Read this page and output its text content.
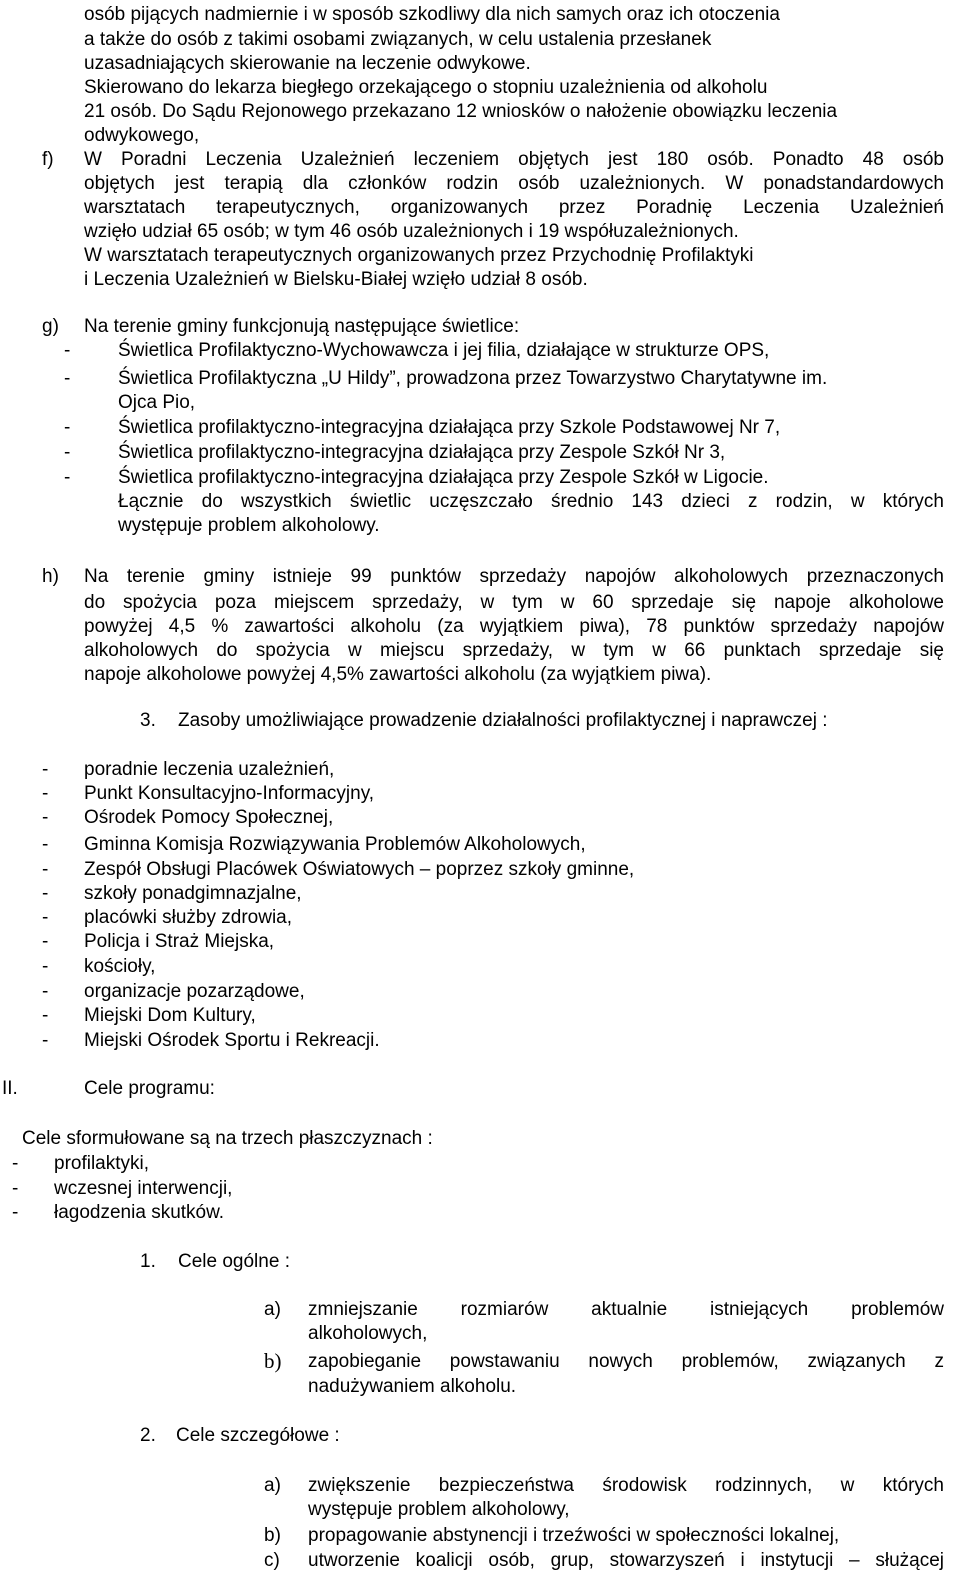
osób pijących nadmiernie i w sposób szkodliwy dla nich samych oraz ich otoczenia
a także do osób z takimi osobami związanych, w celu ustalenia przesłanek
uzasadniających skierowanie na leczenie odwykowe.
Skierowano do lekarza biegłego orzekającego o stopniu uzależnienia od alkoholu
21 osób. Do Sądu Rejonowego przekazano 12 wniosków o nałożenie obowiązku leczenia
odwykowego,
f) W Poradni Leczenia Uzależnień leczeniem objętych jest 180 osób. Ponadto 48 osób
objętych jest terapią dla członków rodzin osób uzależnionych. W ponadstandardowych
warsztatach terapeutycznych, organizowanych przez Poradnię Leczenia Uzależnień
wzięło udział 65 osób; w tym 46 osób uzależnionych i 19 współuzależnionych.
W warsztatach terapeutycznych organizowanych przez Przychodnię Profilaktyki
i Leczenia Uzależnień w Bielsku-Białej wzięło udział 8 osób.
g) Na terenie gminy funkcjonują następujące świetlice:
-	Świetlica Profilaktyczno-Wychowawcza i jej filia, działające w strukturze OPS,
-	Świetlica Profilaktyczna „U Hildy”, prowadzona przez Towarzystwo Charytatywne im.
Ojca Pio,
-	Świetlica profilaktyczno-integracyjna działająca przy Szkole Podstawowej Nr 7,
-	Świetlica profilaktyczno-integracyjna działająca przy Zespole Szkół Nr 3,
-	Świetlica profilaktyczno-integracyjna działająca przy Zespole Szkół w Ligocie.
Łącznie do wszystkich świetlic uczęszczało średnio 143 dzieci z rodzin, w których
występuje problem alkoholowy.
h) Na terenie gminy istnieje 99 punktów sprzedaży napojów alkoholowych przeznaczonych
do spożycia poza miejscem sprzedaży, w tym w 60 sprzedaje się napoje alkoholowe
powyżej 4,5 % zawartości alkoholu (za wyjątkiem piwa), 78 punktów sprzedaży napojów
alkoholowych do spożycia w miejscu sprzedaży, w tym w 66 punktach sprzedaje się
napoje alkoholowe powyżej 4,5% zawartości alkoholu (za wyjątkiem piwa).
3. Zasoby umożliwiające prowadzenie działalności profilaktycznej i naprawczej :
- poradnie leczenia uzależnień,
- Punkt Konsultacyjno-Informacyjny,
- Ośrodek Pomocy Społecznej,
- Gminna Komisja Rozwiązywania Problemów Alkoholowych,
- Zespół Obsługi Placówek Oświatowych – poprzez szkoły gminne,
- szkoły ponadgimnazjalne,
- placówki służby zdrowia,
- Policja i Straż Miejska,
- kościoły,
- organizacje pozarządowe,
- Miejski Dom Kultury,
- Miejski Ośrodek Sportu i Rekreacji.
II.	Cele programu:
Cele sformułowane są na trzech płaszczyznach :
- profilaktyki,
- wczesnej interwencji,
- łagodzenia skutków.
1. Cele ogólne :
a) zmniejszanie rozmiarów aktualnie istniejących problemów
alkoholowych,
b) zapobieganie powstawaniu nowych problemów, związanych z
nadużywaniem alkoholu.
2. Cele szczegółowe :
a) zwiększenie bezpieczeństwa środowisk rodzinnych, w których
występuje problem alkoholowy,
b) propagowanie abstynencji i trzeźwości w społeczności lokalnej,
c) utworzenie koalicji osób, grup, stowarzyszeń i instytucji – służącej
